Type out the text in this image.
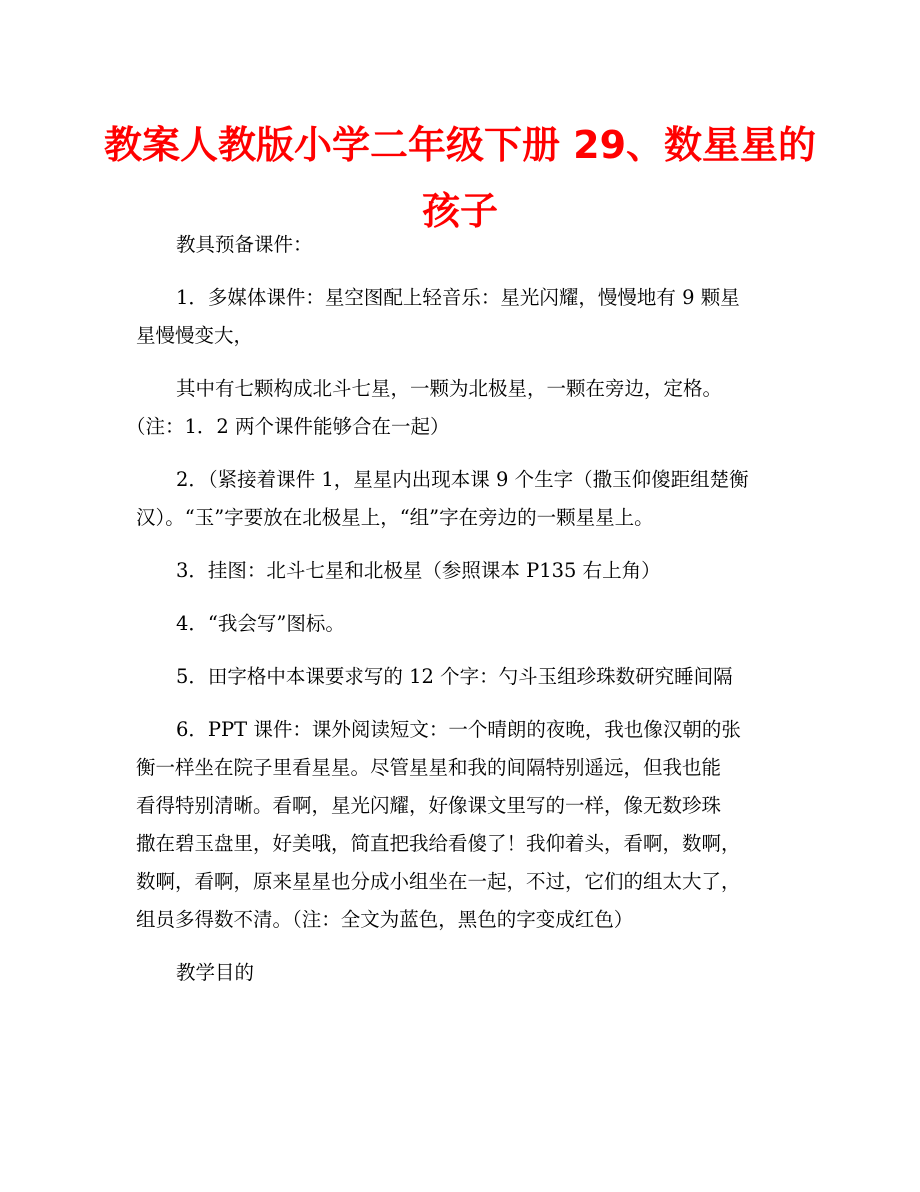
教案人教版小学二年级下册 29、数星星的
孩子

教具预备课件：

1．多媒体课件：星空图配上轻音乐：星光闪耀，慢慢地有 9 颗星
星慢慢变大，

其中有七颗构成北斗七星，一颗为北极星，一颗在旁边，定格。
（注：1．2 两个课件能够合在一起）

2．（紧接着课件 1，星星内出现本课 9 个生字（撒玉仰傻距组楚衡
汉）。“玉”字要放在北极星上，“组”字在旁边的一颗星星上。

3．挂图：北斗七星和北极星（参照课本 P135 右上角）

4．“我会写”图标。

5．田字格中本课要求写的 12 个字：勺斗玉组珍珠数研究睡间隔

6．PPT 课件：课外阅读短文：一个晴朗的夜晚，我也像汉朝的张
衡一样坐在院子里看星星。尽管星星和我的间隔特别遥远，但我也能
看得特别清晰。看啊，星光闪耀，好像课文里写的一样，像无数珍珠
撒在碧玉盘里，好美哦，简直把我给看傻了！我仰着头，看啊，数啊，
数啊，看啊，原来星星也分成小组坐在一起，不过，它们的组太大了，
组员多得数不清。（注：全文为蓝色，黑色的字变成红色）

教学目的
